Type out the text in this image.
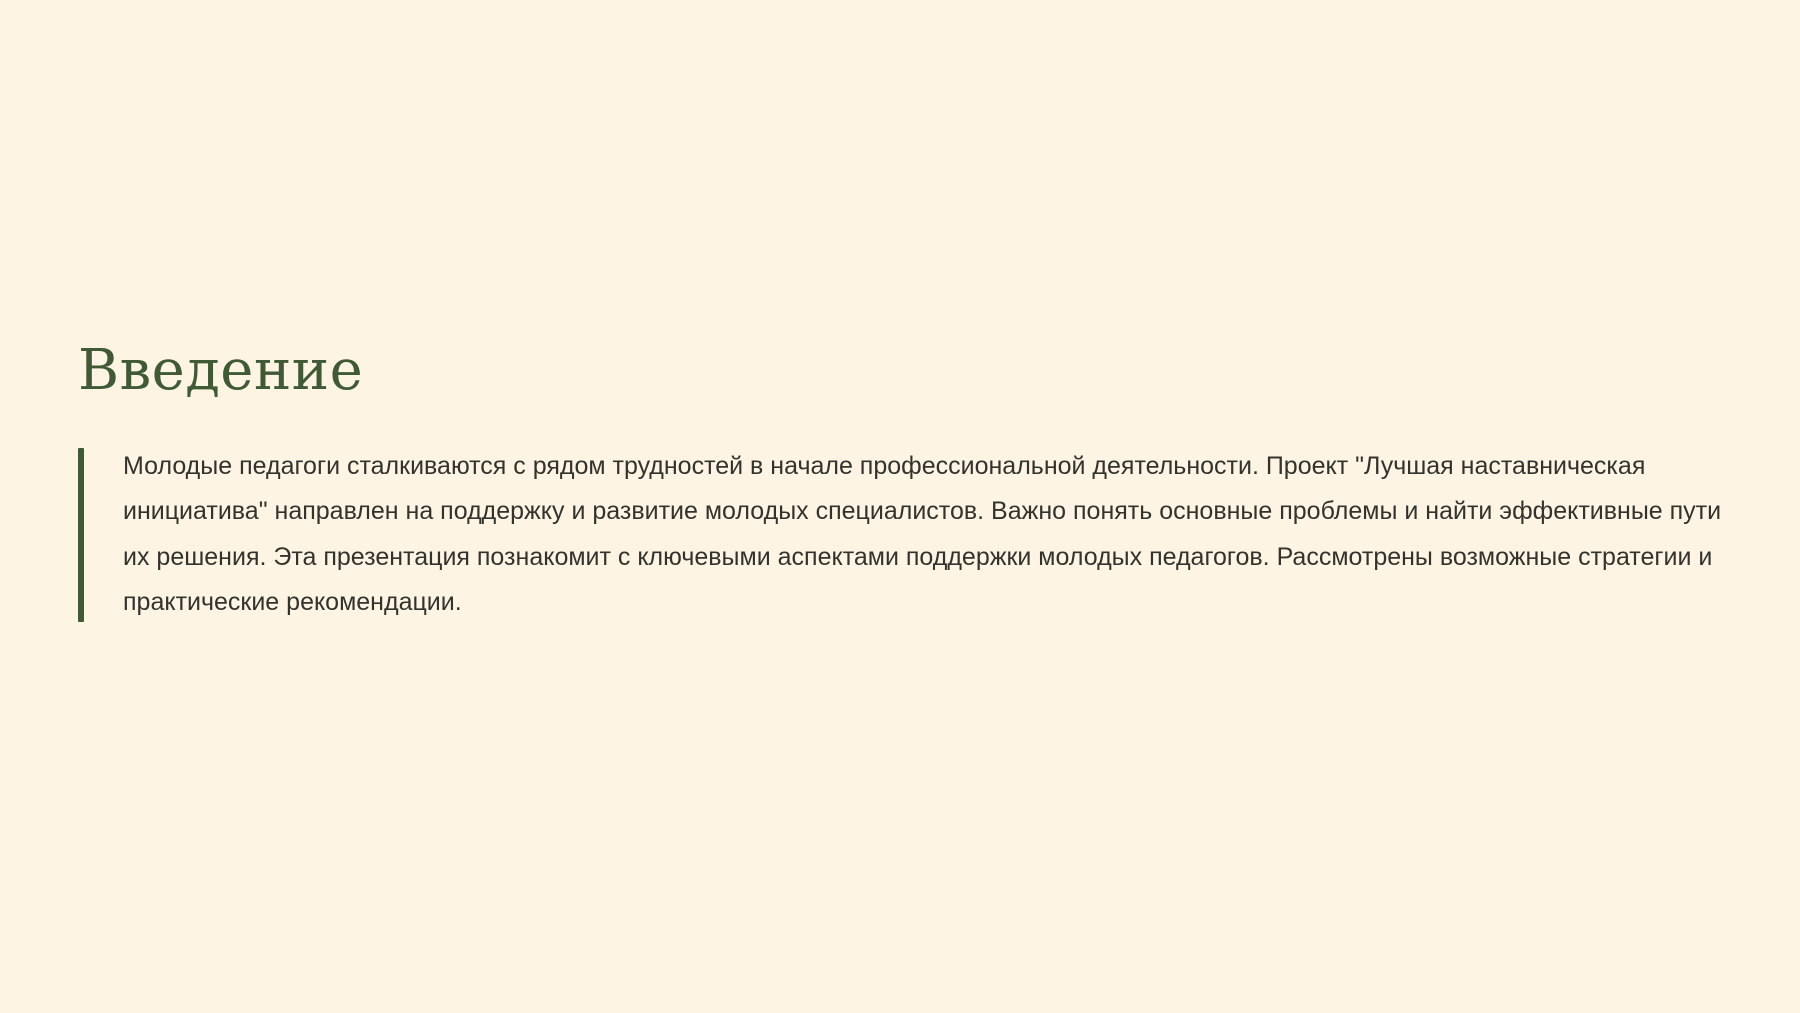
Введение

Молодые педагоги сталкиваются с рядом трудностей в начале профессиональной деятельности. Проект "Лучшая наставническая инициатива" направлен на поддержку и развитие молодых специалистов. Важно понять основные проблемы и найти эффективные пути их решения. Эта презентация познакомит с ключевыми аспектами поддержки молодых педагогов. Рассмотрены возможные стратегии и практические рекомендации.
